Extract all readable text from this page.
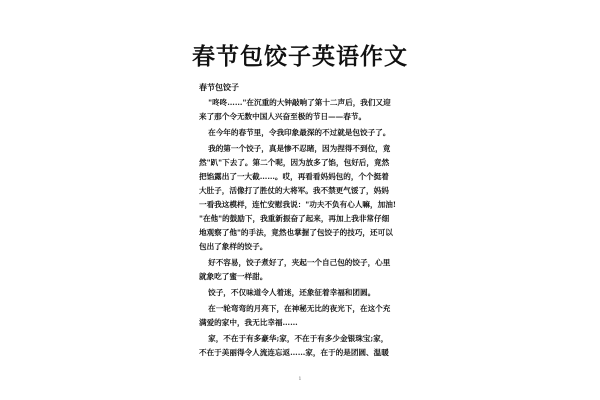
春节包饺子英语作文
春节包饺子
"咚咚……"在沉重的大钟敲响了第十二声后，我们又迎
来了那个令无数中国人兴奋至极的节日——春节。
在今年的春节里，令我印象最深的不过就是包饺子了。
我的第一个饺子，真是惨不忍睹，因为捏得不到位，竟
然"趴"下去了。第二个呢，因为放多了馅，包好后，竟然
把馅露出了一大截……。哎，再看看妈妈包的，个个挺着
大肚子，活像打了胜仗的大将军。我不禁更气馁了，妈妈
一看我这模样，连忙安慰我说："功夫不负有心人嘛，加油!
"在他"的鼓励下，我重新振奋了起来，再加上我非常仔细
地观察了他"的手法，竟然也掌握了包饺子的技巧，还可以
包出了象样的饺子。
好不容易，饺子煮好了，夹起一个自己包的饺子，心里
就象吃了蜜一样甜。
饺子，不仅味道令人着迷，还象征着幸福和团圆。
在一轮弯弯的月亮下，在神秘无比的夜光下，在这个充
满爱的家中，我无比幸福……
家，不在于有多豪华;家，不在于有多少金银珠宝;家，
不在于美丽得令人流连忘返……家，在于的是团圆、温暖
1
